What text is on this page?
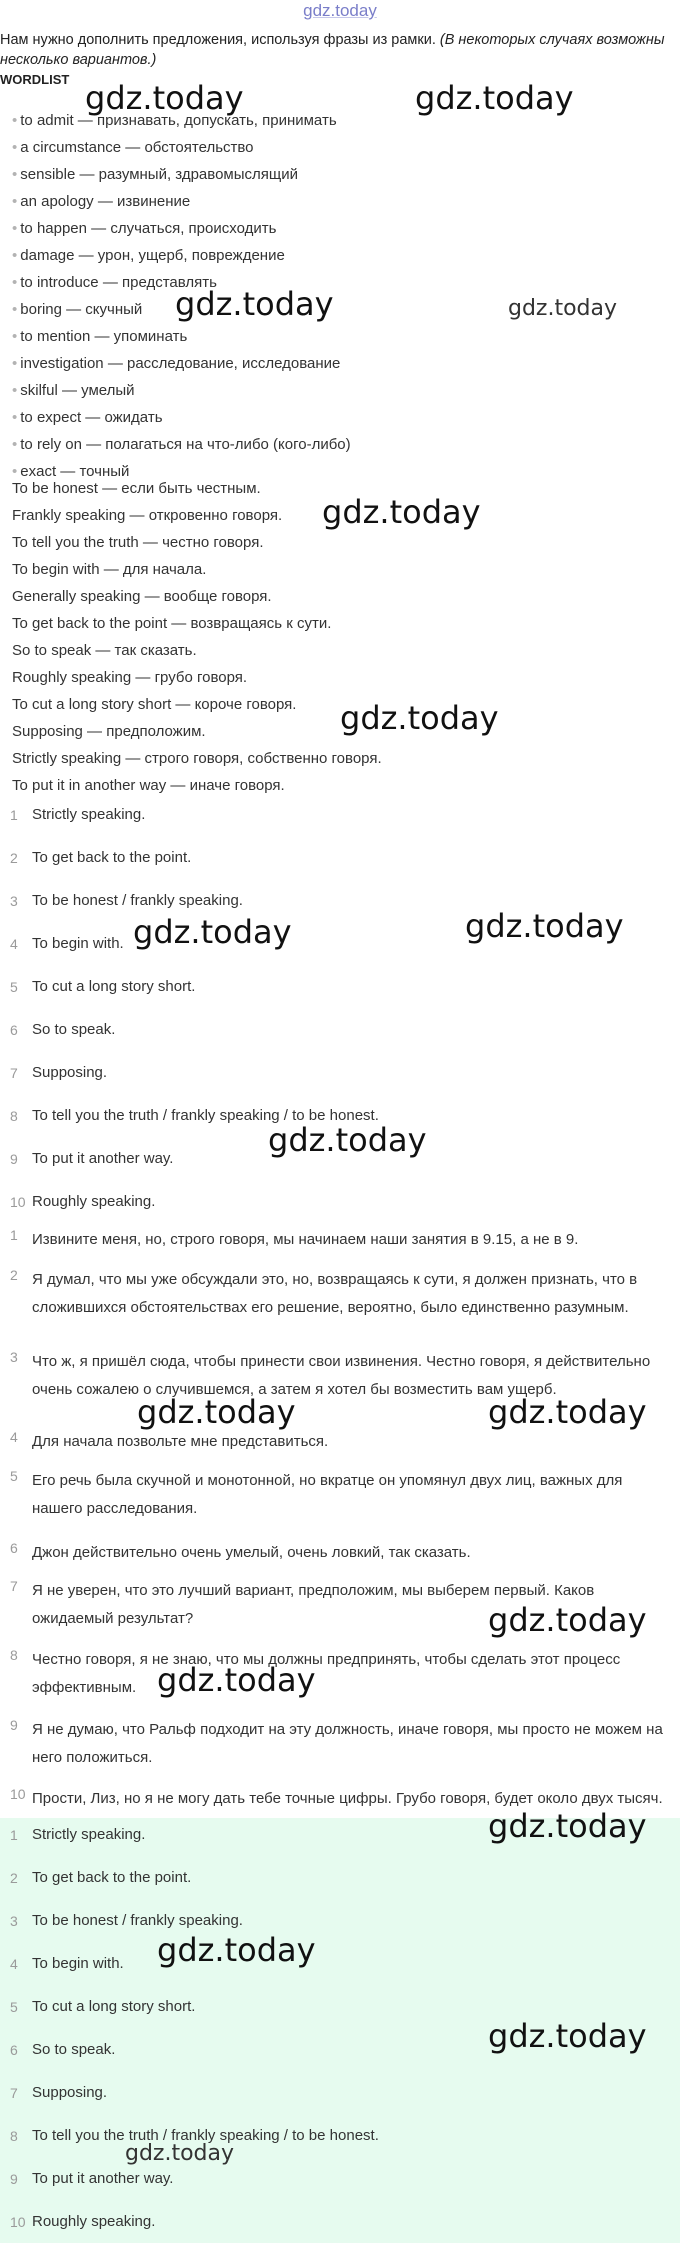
gdz.today
Нам нужно дополнить предложения, используя фразы из рамки. (В некоторых случаях возможны несколько вариантов.)
WORDLIST
• to admit — признавать, допускать, принимать
• a circumstance — обстоятельство
• sensible — разумный, здравомыслящий
• an apology — извинение
• to happen — случаться, происходить
• damage — урон, ущерб, повреждение
• to introduce — представлять
• boring — скучный
• to mention — упоминать
• investigation — расследование, исследование
• skilful — умелый
• to expect — ожидать
• to rely on — полагаться на что-либо (кого-либо)
• exact — точный
To be honest — если быть честным.
Frankly speaking — откровенно говоря.
To tell you the truth — честно говоря.
To begin with — для начала.
Generally speaking — вообще говоря.
To get back to the point — возвращаясь к сути.
So to speak — так сказать.
Roughly speaking — грубо говоря.
To cut a long story short — короче говоря.
Supposing — предположим.
Strictly speaking — строго говоря, собственно говоря.
To put it in another way — иначе говоря.
1 Strictly speaking.
2 To get back to the point.
3 To be honest / frankly speaking.
4 To begin with.
5 To cut a long story short.
6 So to speak.
7 Supposing.
8 To tell you the truth / frankly speaking / to be honest.
9 To put it another way.
10 Roughly speaking.
1 Извините меня, но, строго говоря, мы начинаем наши занятия в 9.15, а не в 9.
2 Я думал, что мы уже обсуждали это, но, возвращаясь к сути, я должен признать, что в сложившихся обстоятельствах его решение, вероятно, было единственно разумным.
3 Что ж, я пришёл сюда, чтобы принести свои извинения. Честно говоря, я действительно очень сожалею о случившемся, а затем я хотел бы возместить вам ущерб.
4 Для начала позвольте мне представиться.
5 Его речь была скучной и монотонной, но вкратце он упомянул двух лиц, важных для нашего расследования.
6 Джон действительно очень умелый, очень ловкий, так сказать.
7 Я не уверен, что это лучший вариант, предположим, мы выберем первый. Каков ожидаемый результат?
8 Честно говоря, я не знаю, что мы должны предпринять, чтобы сделать этот процесс эффективным.
9 Я не думаю, что Ральф подходит на эту должность, иначе говоря, мы просто не можем на него положиться.
10 Прости, Лиз, но я не могу дать тебе точные цифры. Грубо говоря, будет около двух тысяч.
1 Strictly speaking.
2 To get back to the point.
3 To be honest / frankly speaking.
4 To begin with.
5 To cut a long story short.
6 So to speak.
7 Supposing.
8 To tell you the truth / frankly speaking / to be honest.
9 To put it another way.
10 Roughly speaking.
gdz.today	gdz.today
gdz.today	gdz.today
gdz.today
gdz.today
gdz.today	gdz.today
gdz.today
gdz.today	gdz.today
gdz.today
gdz.today
gdz.today
gdz.today
gdz.today
gdz.today
